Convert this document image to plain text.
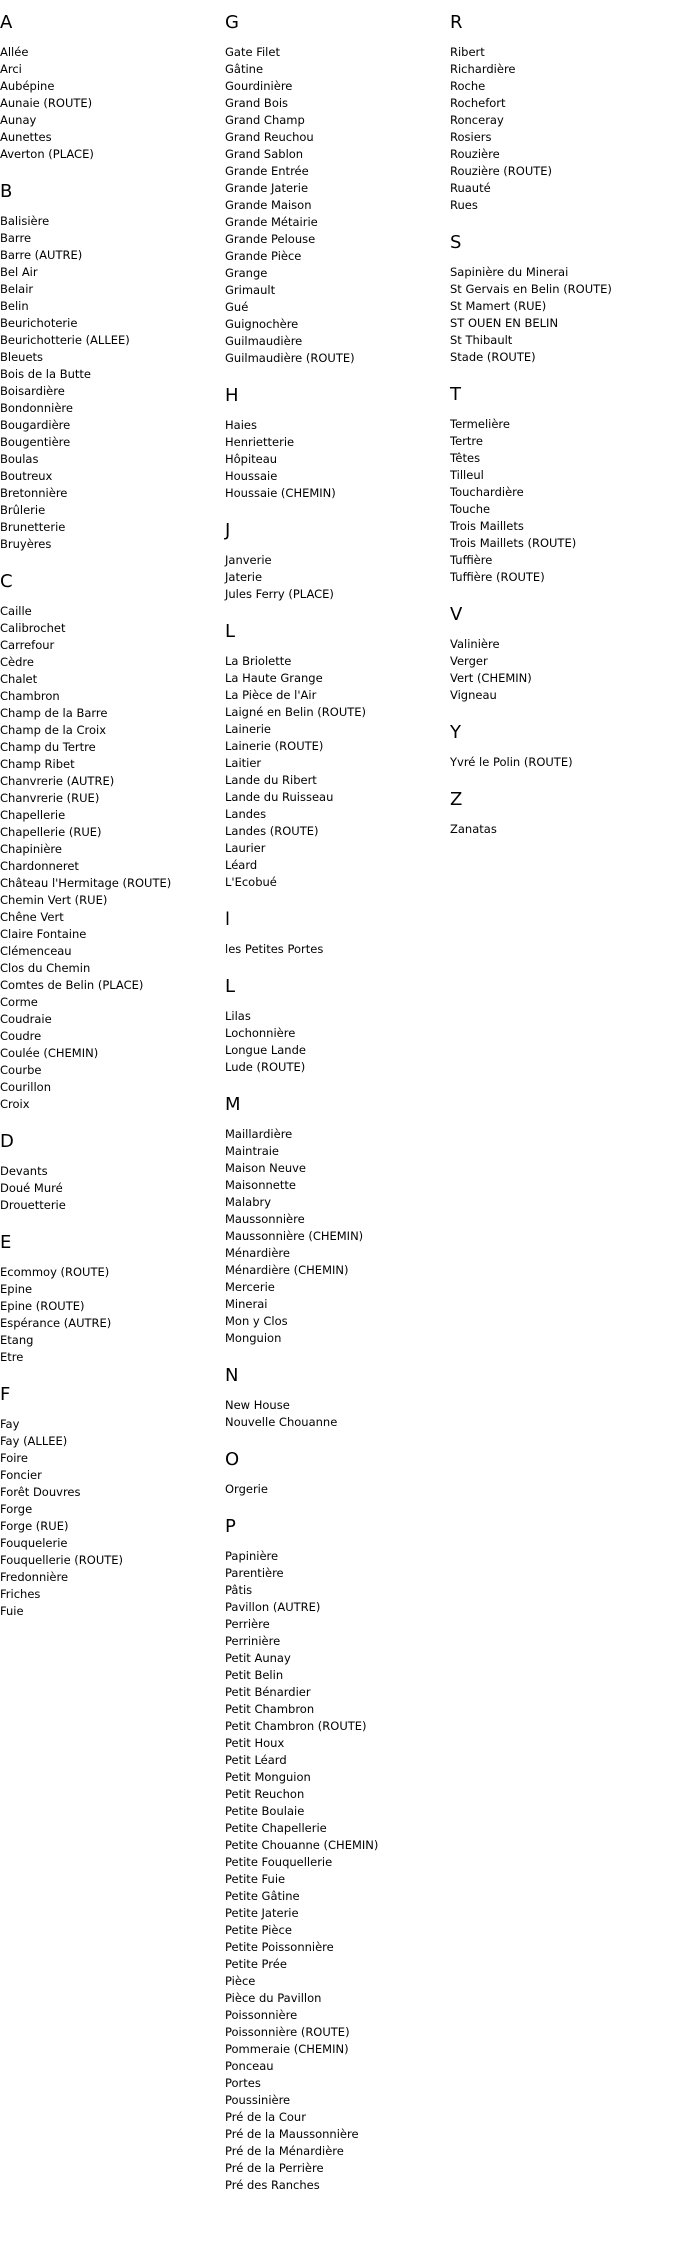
A
Allée
Arci
Aubépine
Aunaie (ROUTE)
Aunay
Aunettes
Averton (PLACE)
B
Balisière
Barre
Barre (AUTRE)
Bel Air
Belair
Belin
Beurichoterie
Beurichotterie (ALLEE)
Bleuets
Bois de la Butte
Boisardière
Bondonnière
Bougardière
Bougentière
Boulas
Boutreux
Bretonnière
Brûlerie
Brunetterie
Bruyères
C
Caille
Calibrochet
Carrefour
Cèdre
Chalet
Chambron
Champ de la Barre
Champ de la Croix
Champ du Tertre
Champ Ribet
Chanvrerie (AUTRE)
Chanvrerie (RUE)
Chapellerie
Chapellerie (RUE)
Chapinière
Chardonneret
Château l'Hermitage (ROUTE)
Chemin Vert (RUE)
Chêne Vert
Claire Fontaine
Clémenceau
Clos du Chemin
Comtes de Belin (PLACE)
Corme
Coudraie
Coudre
Coulée (CHEMIN)
Courbe
Courillon
Croix
D
Devants
Doué Muré
Drouetterie
E
Ecommoy (ROUTE)
Epine
Epine (ROUTE)
Espérance (AUTRE)
Etang
Etre
F
Fay
Fay (ALLEE)
Foire
Foncier
Forêt Douvres
Forge
Forge (RUE)
Fouquelerie
Fouquellerie (ROUTE)
Fredonnière
Friches
Fuie
G
Gate Filet
Gâtine
Gourdinière
Grand Bois
Grand Champ
Grand Reuchou
Grand Sablon
Grande Entrée
Grande Jaterie
Grande Maison
Grande Métairie
Grande Pelouse
Grande Pièce
Grange
Grimault
Gué
Guignochère
Guilmaudière
Guilmaudière (ROUTE)
H
Haies
Henrietterie
Hôpiteau
Houssaie
Houssaie (CHEMIN)
J
Janverie
Jaterie
Jules Ferry (PLACE)
L
La Briolette
La Haute Grange
La Pièce de l'Air
Laigné en Belin (ROUTE)
Lainerie
Lainerie (ROUTE)
Laitier
Lande du Ribert
Lande du Ruisseau
Landes
Landes (ROUTE)
Laurier
Léard
L'Ecobué
l
les Petites Portes
L
Lilas
Lochonnière
Longue Lande
Lude (ROUTE)
M
Maillardière
Maintraie
Maison Neuve
Maisonnette
Malabry
Maussonnière
Maussonnière (CHEMIN)
Ménardière
Ménardière (CHEMIN)
Mercerie
Minerai
Mon y Clos
Monguion
N
New House
Nouvelle Chouanne
O
Orgerie
P
Papinière
Parentière
Pâtis
Pavillon (AUTRE)
Perrière
Perrinière
Petit Aunay
Petit Belin
Petit Bénardier
Petit Chambron
Petit Chambron (ROUTE)
Petit Houx
Petit Léard
Petit Monguion
Petit Reuchon
Petite Boulaie
Petite Chapellerie
Petite Chouanne (CHEMIN)
Petite Fouquellerie
Petite Fuie
Petite Gâtine
Petite Jaterie
Petite Pièce
Petite Poissonnière
Petite Prée
Pièce
Pièce du Pavillon
Poissonnière
Poissonnière (ROUTE)
Pommeraie (CHEMIN)
Ponceau
Portes
Poussinière
Pré de la Cour
Pré de la Maussonnière
Pré de la Ménardière
Pré de la Perrière
Pré des Ranches
R
Ribert
Richardière
Roche
Rochefort
Ronceray
Rosiers
Rouzière
Rouzière (ROUTE)
Ruauté
Rues
S
Sapinière du Minerai
St Gervais en Belin (ROUTE)
St Mamert (RUE)
ST OUEN EN BELIN
St Thibault
Stade (ROUTE)
T
Termelière
Tertre
Têtes
Tilleul
Touchardière
Touche
Trois Maillets
Trois Maillets (ROUTE)
Tuffière
Tuffière (ROUTE)
V
Valinière
Verger
Vert (CHEMIN)
Vigneau
Y
Yvré le Polin (ROUTE)
Z
Zanatas
